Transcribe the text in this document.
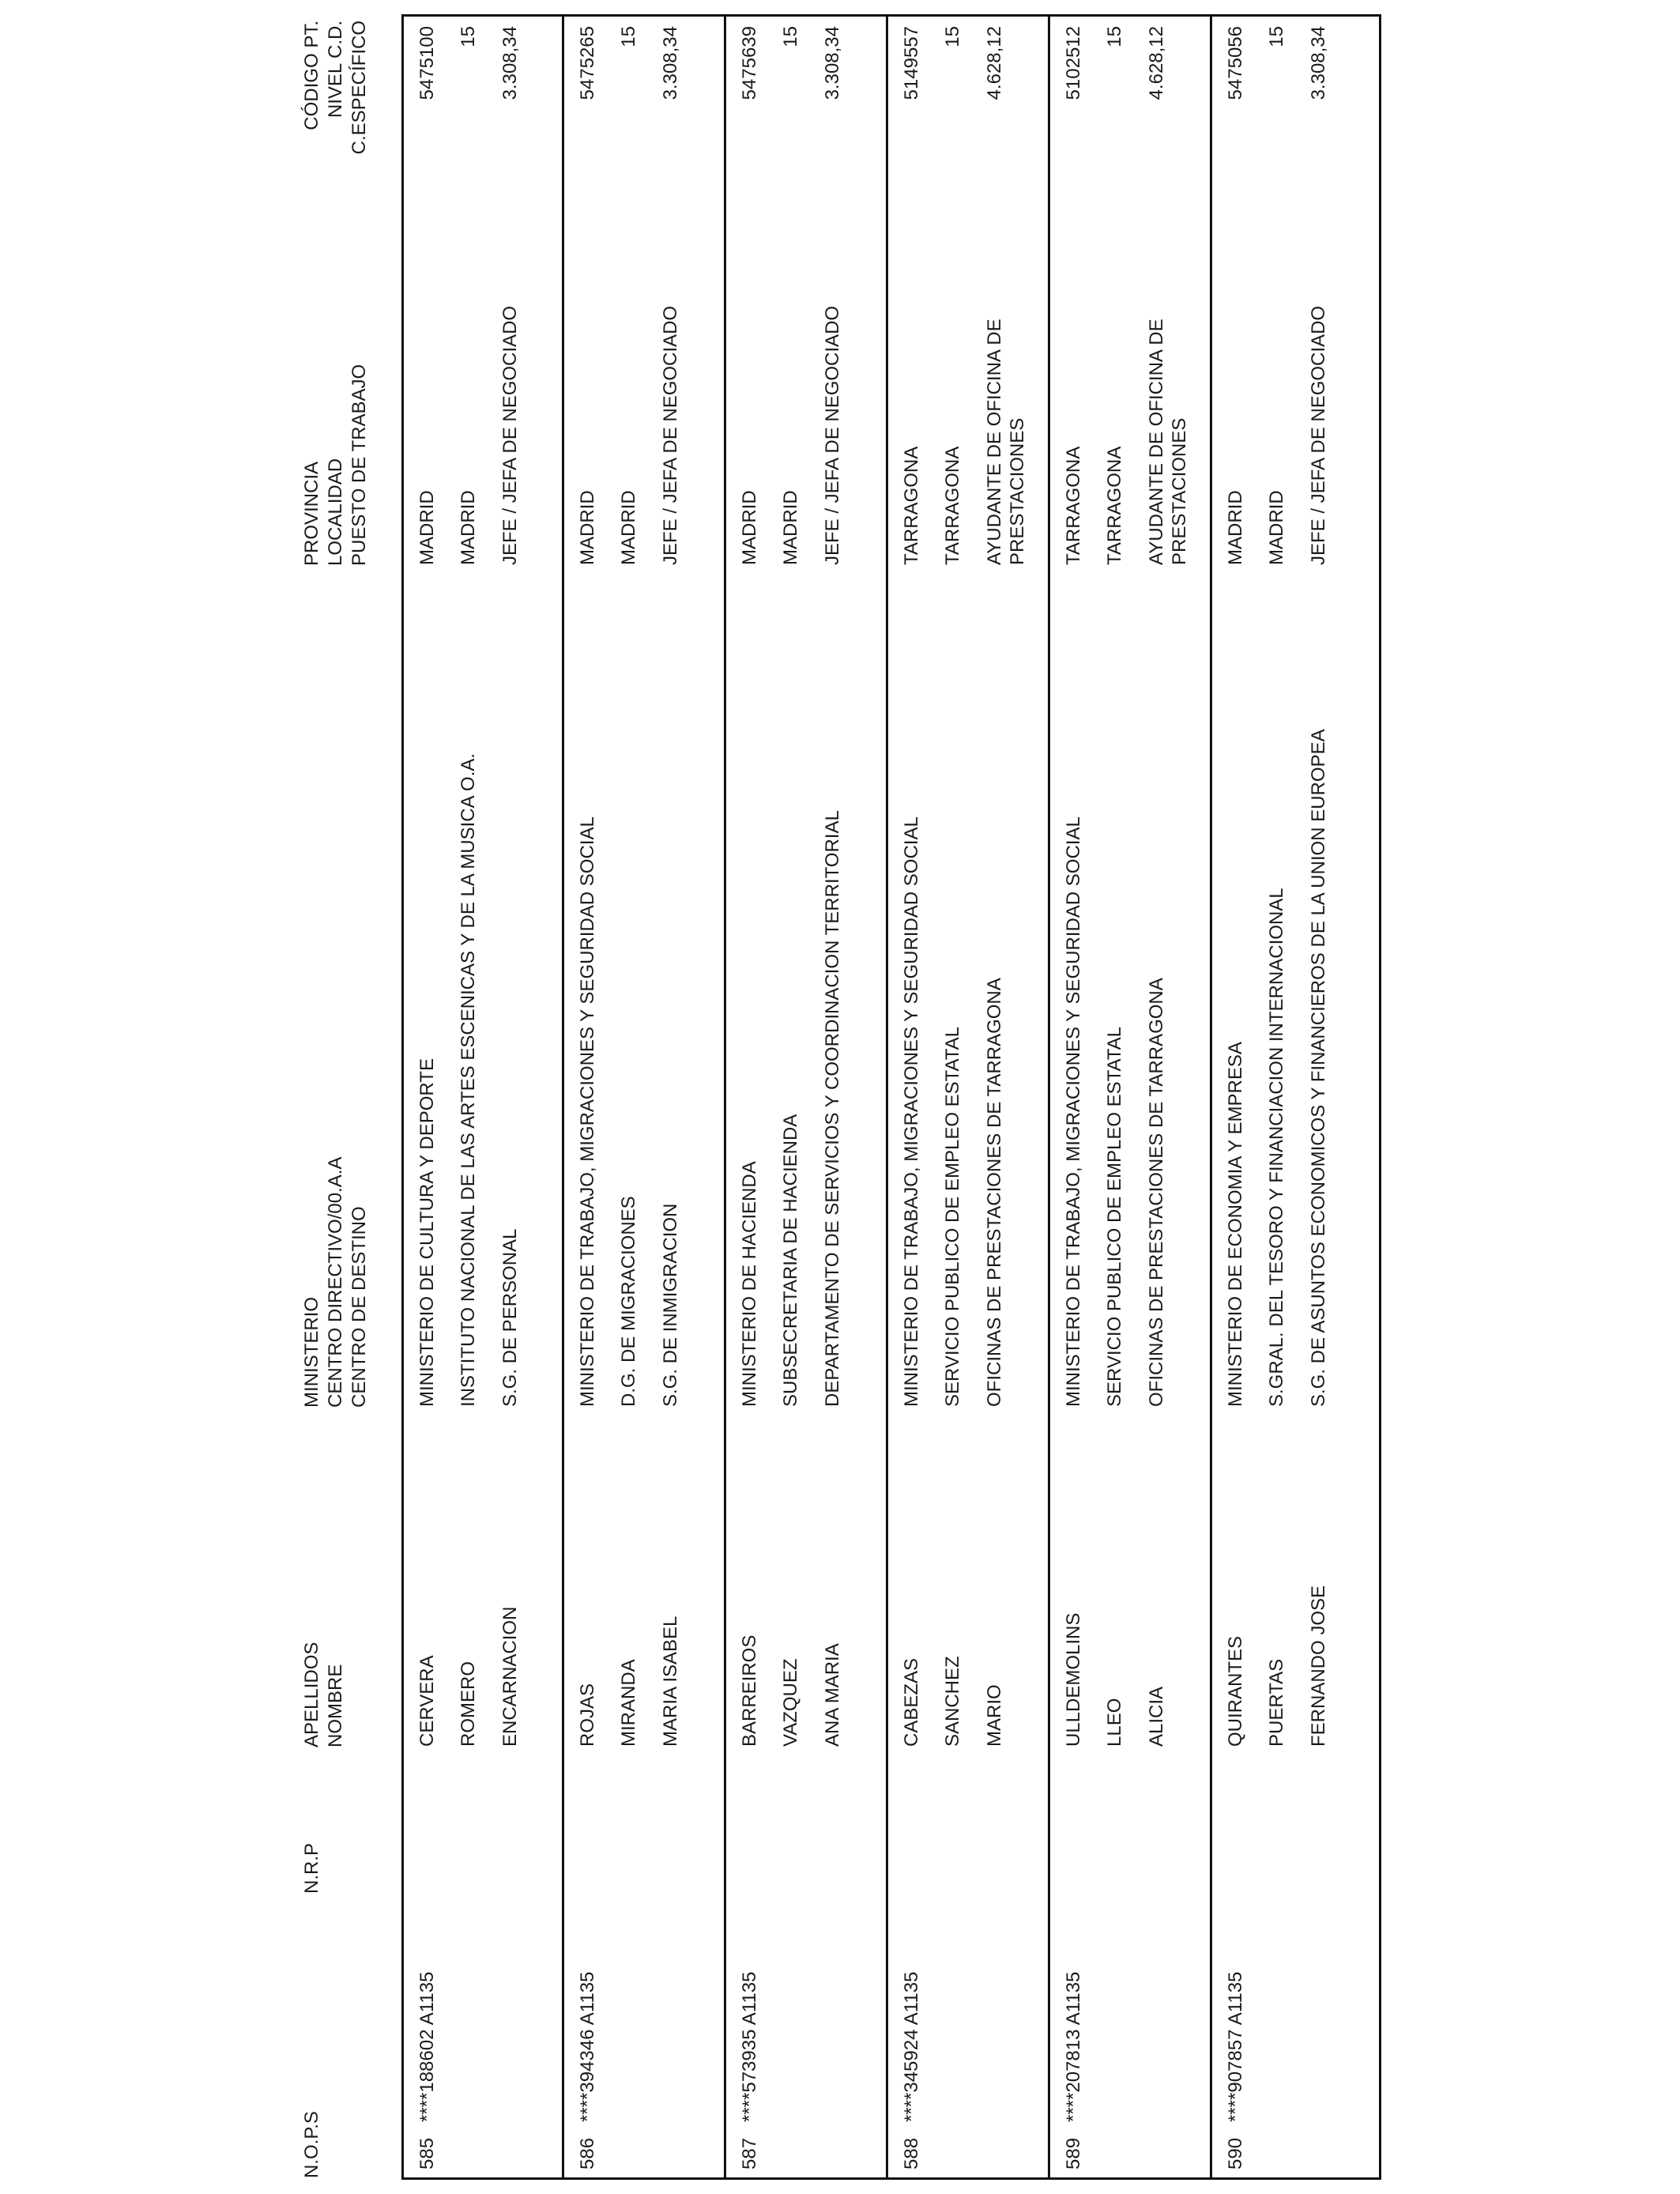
N.O.P.S
N.R.P
APELLIDOS NOMBRE
MINISTERIO CENTRO DIRECTIVO/00.A.A CENTRO DE DESTINO
PROVINCIA LOCALIDAD PUESTO DE TRABAJO
CÓDIGO PT. NIVEL C.D. C.ESPECÍFICO
585
****188602 A1135
CERVERA ROMERO ENCARNACION
MINISTERIO DE CULTURA Y DEPORTE INSTITUTO NACIONAL DE LAS ARTES ESCENICAS Y DE LA MUSICA O.A. S.G. DE PERSONAL
MADRID MADRID JEFE / JEFA DE NEGOCIADO
5475100 15 3.308,34
586
****394346 A1135
ROJAS MIRANDA MARIA ISABEL
MINISTERIO DE TRABAJO, MIGRACIONES Y SEGURIDAD SOCIAL D.G. DE MIGRACIONES S.G. DE INMIGRACION
MADRID MADRID JEFE / JEFA DE NEGOCIADO
5475265 15 3.308,34
587
****573935 A1135
BARREIROS VAZQUEZ ANA MARIA
MINISTERIO DE HACIENDA SUBSECRETARIA DE HACIENDA DEPARTAMENTO DE SERVICIOS Y COORDINACION TERRITORIAL
MADRID MADRID JEFE / JEFA DE NEGOCIADO
5475639 15 3.308,34
588
****345924 A1135
CABEZAS SANCHEZ MARIO
MINISTERIO DE TRABAJO, MIGRACIONES Y SEGURIDAD SOCIAL SERVICIO PUBLICO DE EMPLEO ESTATAL OFICINAS DE PRESTACIONES DE TARRAGONA
TARRAGONA TARRAGONA AYUDANTE DE OFICINA DE PRESTACIONES
5149557 15 4.628,12
589
****207813 A1135
ULLDEMOLINS LLEO ALICIA
MINISTERIO DE TRABAJO, MIGRACIONES Y SEGURIDAD SOCIAL SERVICIO PUBLICO DE EMPLEO ESTATAL OFICINAS DE PRESTACIONES DE TARRAGONA
TARRAGONA TARRAGONA AYUDANTE DE OFICINA DE PRESTACIONES
5102512 15 4.628,12
590
****907857 A1135
QUIRANTES PUERTAS FERNANDO JOSE
MINISTERIO DE ECONOMIA Y EMPRESA S.GRAL. DEL TESORO Y FINANCIACION INTERNACIONAL S.G. DE ASUNTOS ECONOMICOS Y FINANCIEROS DE LA UNION EUROPEA
MADRID MADRID JEFE / JEFA DE NEGOCIADO
5475056 15 3.308,34
